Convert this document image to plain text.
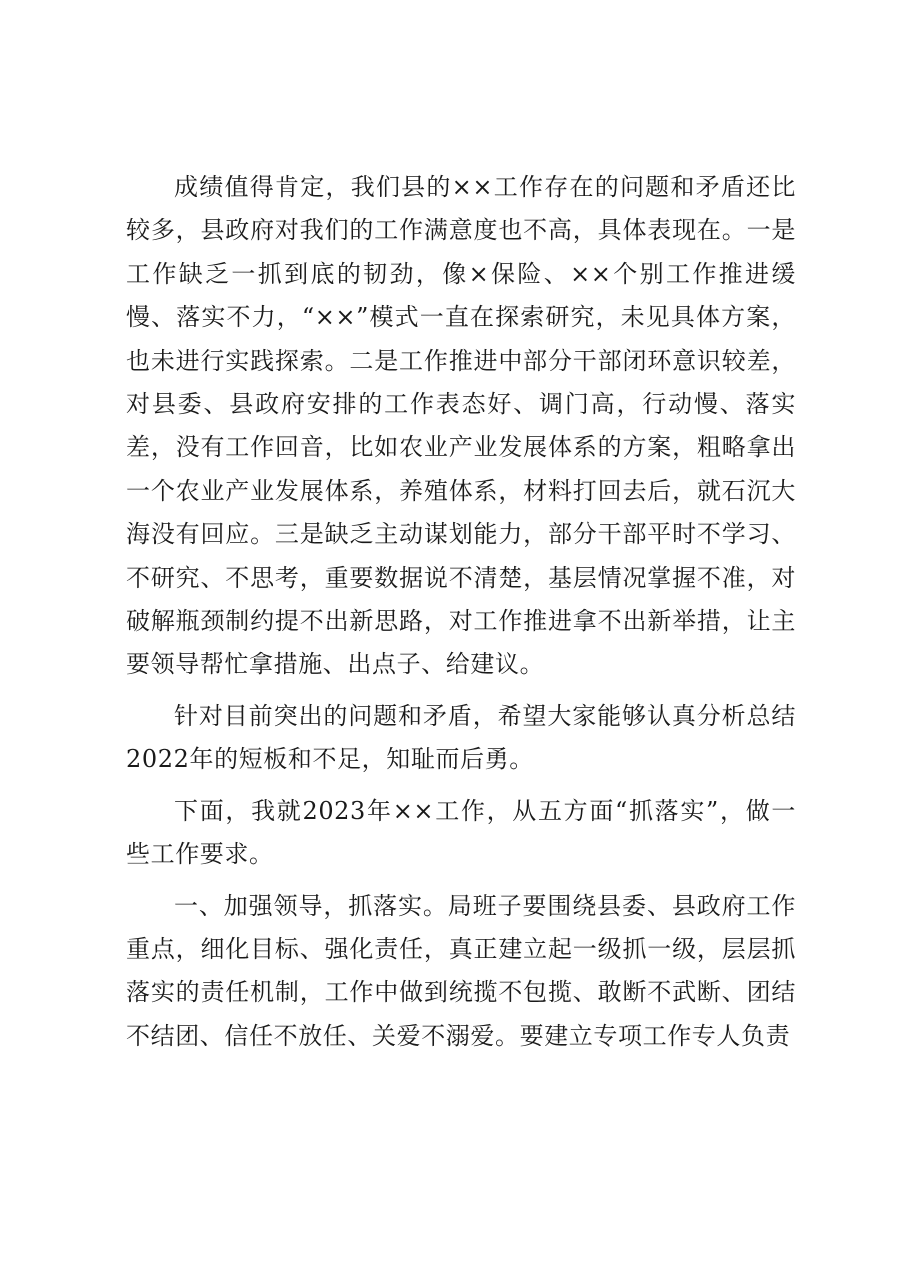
成绩值得肯定，我们县的××工作存在的问题和矛盾还比较多，县政府对我们的工作满意度也不高，具体表现在。一是工作缺乏一抓到底的韧劲，像×保险、××个别工作推进缓慢、落实不力，“××”模式一直在探索研究，未见具体方案，也未进行实践探索。二是工作推进中部分干部闭环意识较差，对县委、县政府安排的工作表态好、调门高，行动慢、落实差，没有工作回音，比如农业产业发展体系的方案，粗略拿出一个农业产业发展体系，养殖体系，材料打回去后，就石沉大海没有回应。三是缺乏主动谋划能力，部分干部平时不学习、不研究、不思考，重要数据说不清楚，基层情况掌握不准，对破解瓶颈制约提不出新思路，对工作推进拿不出新举措，让主要领导帮忙拿措施、出点子、给建议。

针对目前突出的问题和矛盾，希望大家能够认真分析总结2022年的短板和不足，知耻而后勇。

下面，我就2023年××工作，从五方面“抓落实”，做一些工作要求。

一、加强领导，抓落实。局班子要围绕县委、县政府工作重点，细化目标、强化责任，真正建立起一级抓一级，层层抓落实的责任机制，工作中做到统揽不包揽、敢断不武断、团结不结团、信任不放任、关爱不溺爱。要建立专项工作专人负责
